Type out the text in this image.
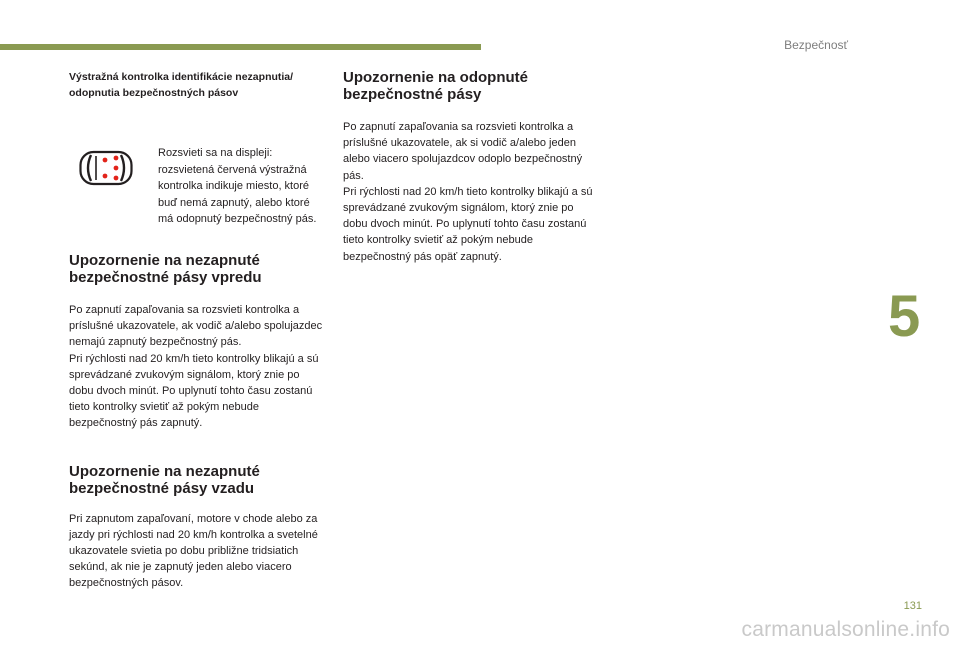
Bezpečnosť
5

Výstražná kontrolka identifikácie nezapnutia/ odopnutia bezpečnostných pásov

Rozsvieti sa na displeji: rozsvietená červená výstražná kontrolka indikuje miesto, ktoré buď nemá zapnutý, alebo ktoré má odopnutý bezpečnostný pás.

Upozornenie na nezapnuté bezpečnostné pásy vpredu

Po zapnutí zapaľovania sa rozsvieti kontrolka a príslušné ukazovatele, ak vodič a/alebo spolujazdec nemajú zapnutý bezpečnostný pás.

Pri rýchlosti nad 20 km/h tieto kontrolky blikajú a sú sprevádzané zvukovým signálom, ktorý znie po dobu dvoch minút. Po uplynutí tohto času zostanú tieto kontrolky svietiť až pokým nebude bezpečnostný pás zapnutý.

Upozornenie na nezapnuté bezpečnostné pásy vzadu

Pri zapnutom zapaľovaní, motore v chode alebo za jazdy pri rýchlosti nad 20 km/h kontrolka a svetelné ukazovatele svietia po dobu približne tridsiatich sekúnd, ak nie je zapnutý jeden alebo viacero bezpečnostných pásov.

Upozornenie na odopnuté bezpečnostné pásy

Po zapnutí zapaľovania sa rozsvieti kontrolka a príslušné ukazovatele, ak si vodič a/alebo jeden alebo viacero spolujazdcov odoplo bezpečnostný pás.

Pri rýchlosti nad 20 km/h tieto kontrolky blikajú a sú sprevádzané zvukovým signálom, ktorý znie po dobu dvoch minút. Po uplynutí tohto času zostanú tieto kontrolky svietiť až pokým nebude bezpečnostný pás opäť zapnutý.

131
carmanualsonline.info
